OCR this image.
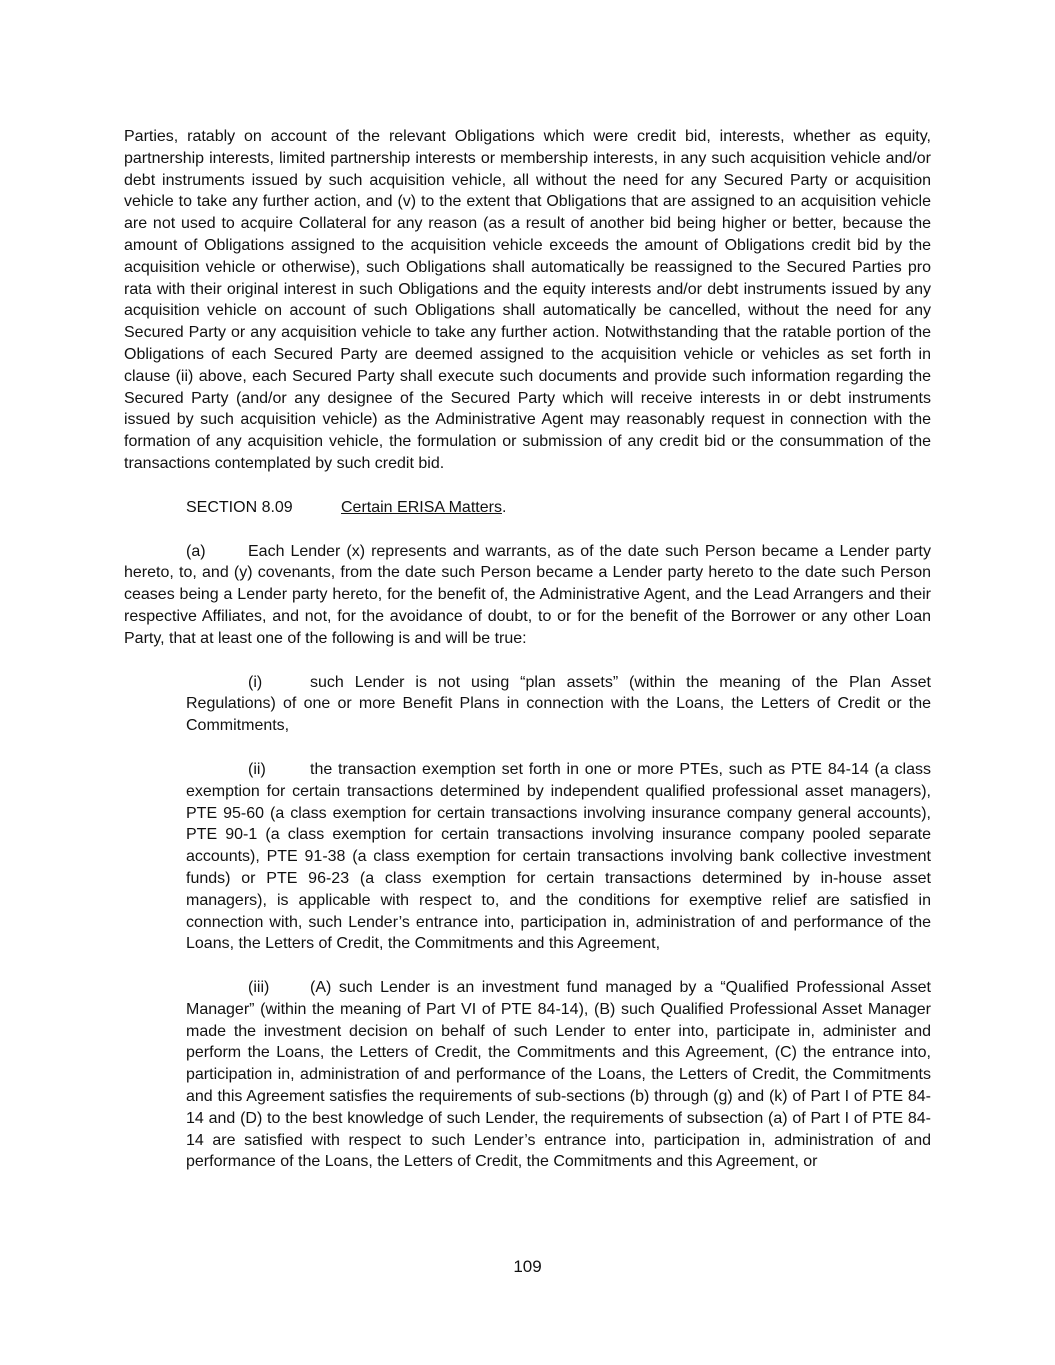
Parties, ratably on account of the relevant Obligations which were credit bid, interests, whether as equity, partnership interests, limited partnership interests or membership interests, in any such acquisition vehicle and/or debt instruments issued by such acquisition vehicle, all without the need for any Secured Party or acquisition vehicle to take any further action, and (v) to the extent that Obligations that are assigned to an acquisition vehicle are not used to acquire Collateral for any reason (as a result of another bid being higher or better, because the amount of Obligations assigned to the acquisition vehicle exceeds the amount of Obligations credit bid by the acquisition vehicle or otherwise), such Obligations shall automatically be reassigned to the Secured Parties pro rata with their original interest in such Obligations and the equity interests and/or debt instruments issued by any acquisition vehicle on account of such Obligations shall automatically be cancelled, without the need for any Secured Party or any acquisition vehicle to take any further action. Notwithstanding that the ratable portion of the Obligations of each Secured Party are deemed assigned to the acquisition vehicle or vehicles as set forth in clause (ii) above, each Secured Party shall execute such documents and provide such information regarding the Secured Party (and/or any designee of the Secured Party which will receive interests in or debt instruments issued by such acquisition vehicle) as the Administrative Agent may reasonably request in connection with the formation of any acquisition vehicle, the formulation or submission of any credit bid or the consummation of the transactions contemplated by such credit bid.

SECTION 8.09	Certain ERISA Matters.

(a)	Each Lender (x) represents and warrants, as of the date such Person became a Lender party hereto, to, and (y) covenants, from the date such Person became a Lender party hereto to the date such Person ceases being a Lender party hereto, for the benefit of, the Administrative Agent, and the Lead Arrangers and their respective Affiliates, and not, for the avoidance of doubt, to or for the benefit of the Borrower or any other Loan Party, that at least one of the following is and will be true:

(i)	such Lender is not using “plan assets” (within the meaning of the Plan Asset Regulations) of one or more Benefit Plans in connection with the Loans, the Letters of Credit or the Commitments,

(ii)	the transaction exemption set forth in one or more PTEs, such as PTE 84-14 (a class exemption for certain transactions determined by independent qualified professional asset managers), PTE 95-60 (a class exemption for certain transactions involving insurance company general accounts), PTE 90-1 (a class exemption for certain transactions involving insurance company pooled separate accounts), PTE 91-38 (a class exemption for certain transactions involving bank collective investment funds) or PTE 96-23 (a class exemption for certain transactions determined by in-house asset managers), is applicable with respect to, and the conditions for exemptive relief are satisfied in connection with, such Lender’s entrance into, participation in, administration of and performance of the Loans, the Letters of Credit, the Commitments and this Agreement,

(iii)	(A) such Lender is an investment fund managed by a “Qualified Professional Asset Manager” (within the meaning of Part VI of PTE 84-14), (B) such Qualified Professional Asset Manager made the investment decision on behalf of such Lender to enter into, participate in, administer and perform the Loans, the Letters of Credit, the Commitments and this Agreement, (C) the entrance into, participation in, administration of and performance of the Loans, the Letters of Credit, the Commitments and this Agreement satisfies the requirements of sub-sections (b) through (g) and (k) of Part I of PTE 84-14 and (D) to the best knowledge of such Lender, the requirements of subsection (a) of Part I of PTE 84-14 are satisfied with respect to such Lender’s entrance into, participation in, administration of and performance of the Loans, the Letters of Credit, the Commitments and this Agreement, or

109
